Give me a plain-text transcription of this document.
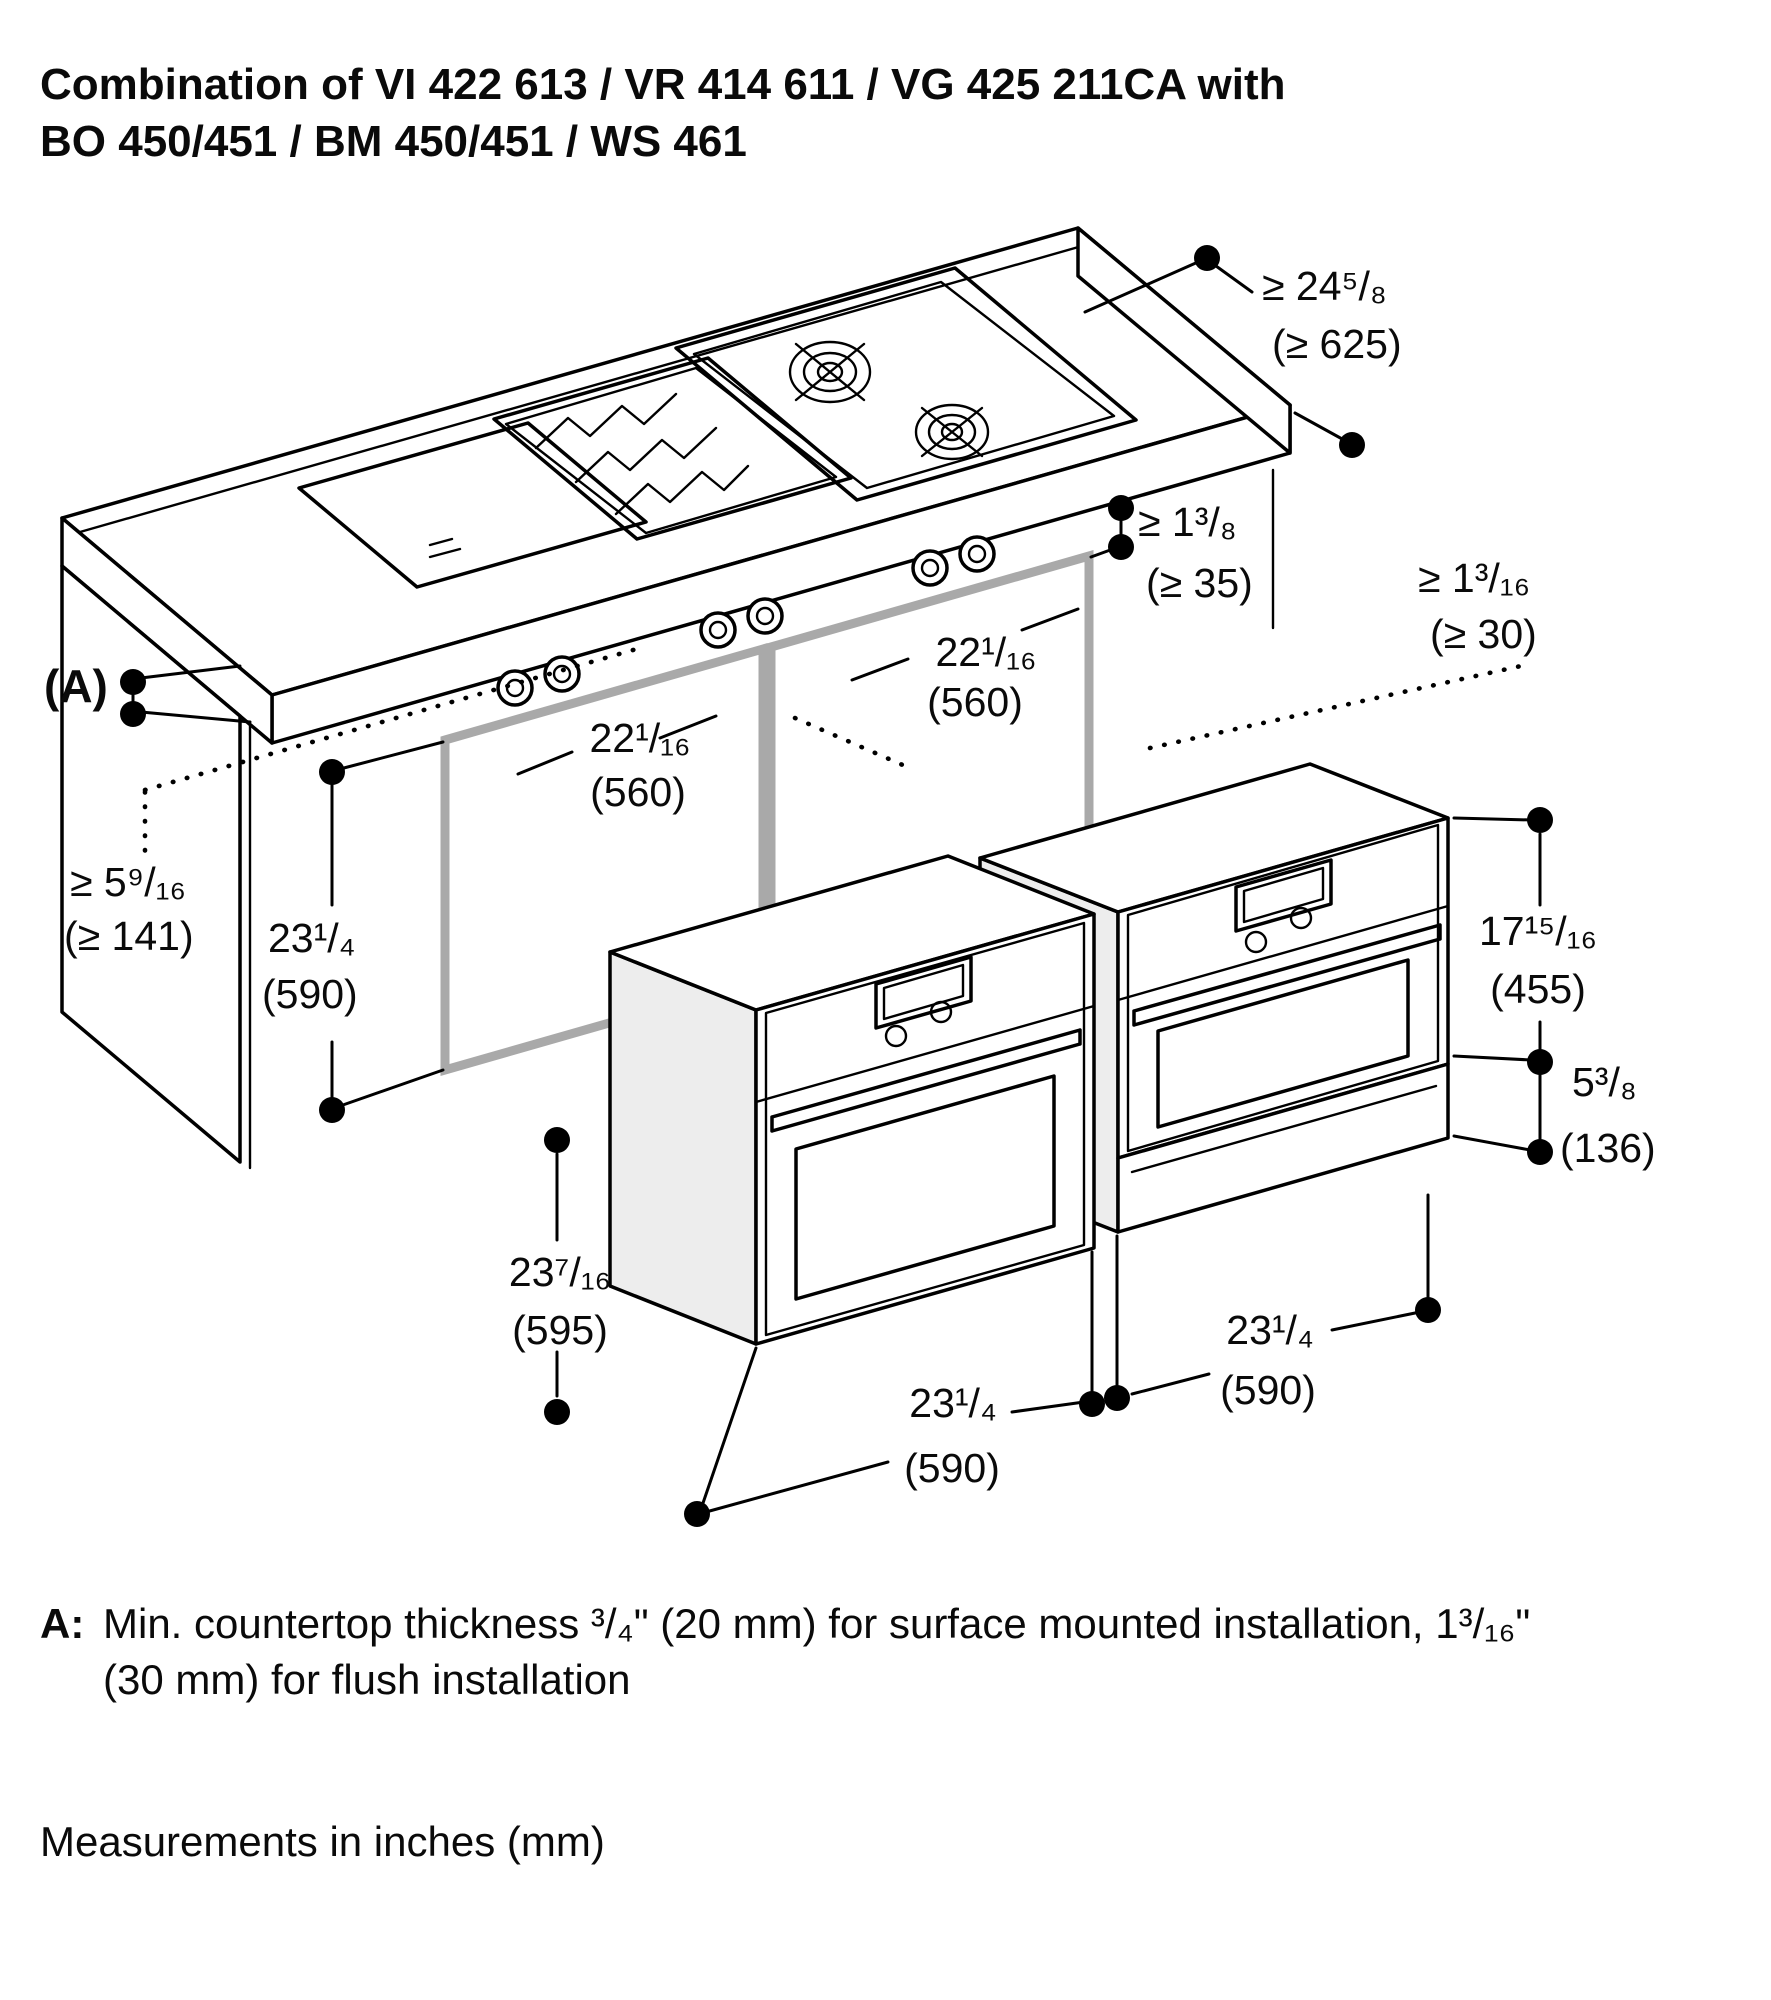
Combination of VI 422 613 / VR 414 611 / VG 425 211CA with
BO 450/451 / BM 450/451 / WS 461
≥ 24⁵/₈
(≥ 625)
(A)
≥ 1³/₈
(≥ 35)	≥ 1³/₁₆
(≥ 30)
22¹/₁₆
(560)
22¹/₁₆
(560)
≥ 5⁹/₁₆
(≥ 141) 23¹/₄
(590)
17¹⁵/₁₆
(455)
5³/₈
(136)
23⁷/₁₆
(595)
23¹/₄
(590)
23¹/₄
(590)
A: Min. countertop thickness ³/₄" (20 mm) for surface mounted installation, 1³/₁₆"
(30 mm) for flush installation
Measurements in inches (mm)
